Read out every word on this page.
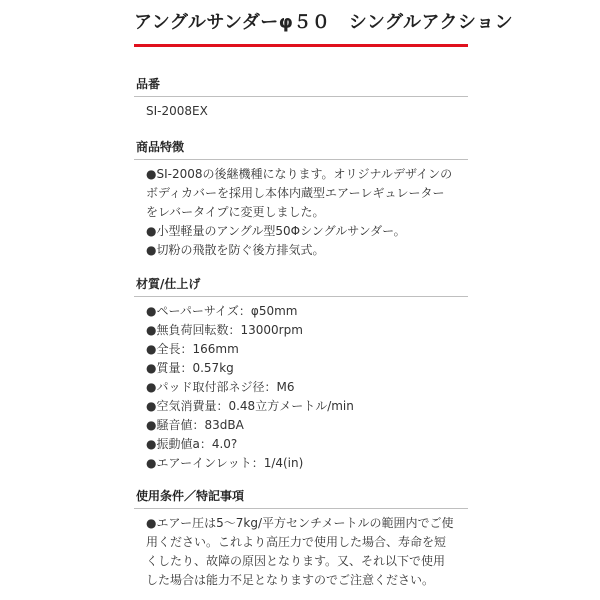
アングルサンダーφ５０　シングルアクション
品番
SI-2008EX
商品特徴
●SI-2008の後継機種になります。オリジナルデザインの
ボディカバーを採用し本体内蔵型エアーレギュレーター
をレバータイプに変更しました。
●小型軽量のアングル型50Φシングルサンダー。
●切粉の飛散を防ぐ後方排気式。
材質/仕上げ
●ペーパーサイズ：φ50mm
●無負荷回転数：13000rpm
●全長：166mm
●質量：0.57kg
●パッド取付部ネジ径：M6
●空気消費量：0.48立方メートル/min
●騒音値：83dBA
●振動値a：4.0?
●エアーインレット：1/4(in)
使用条件／特記事項
●エアー圧は5～7kg/平方センチメートルの範囲内でご使
用ください。これより高圧力で使用した場合、寿命を短
くしたり、故障の原因となります。又、それ以下で使用
した場合は能力不足となりますのでご注意ください。
